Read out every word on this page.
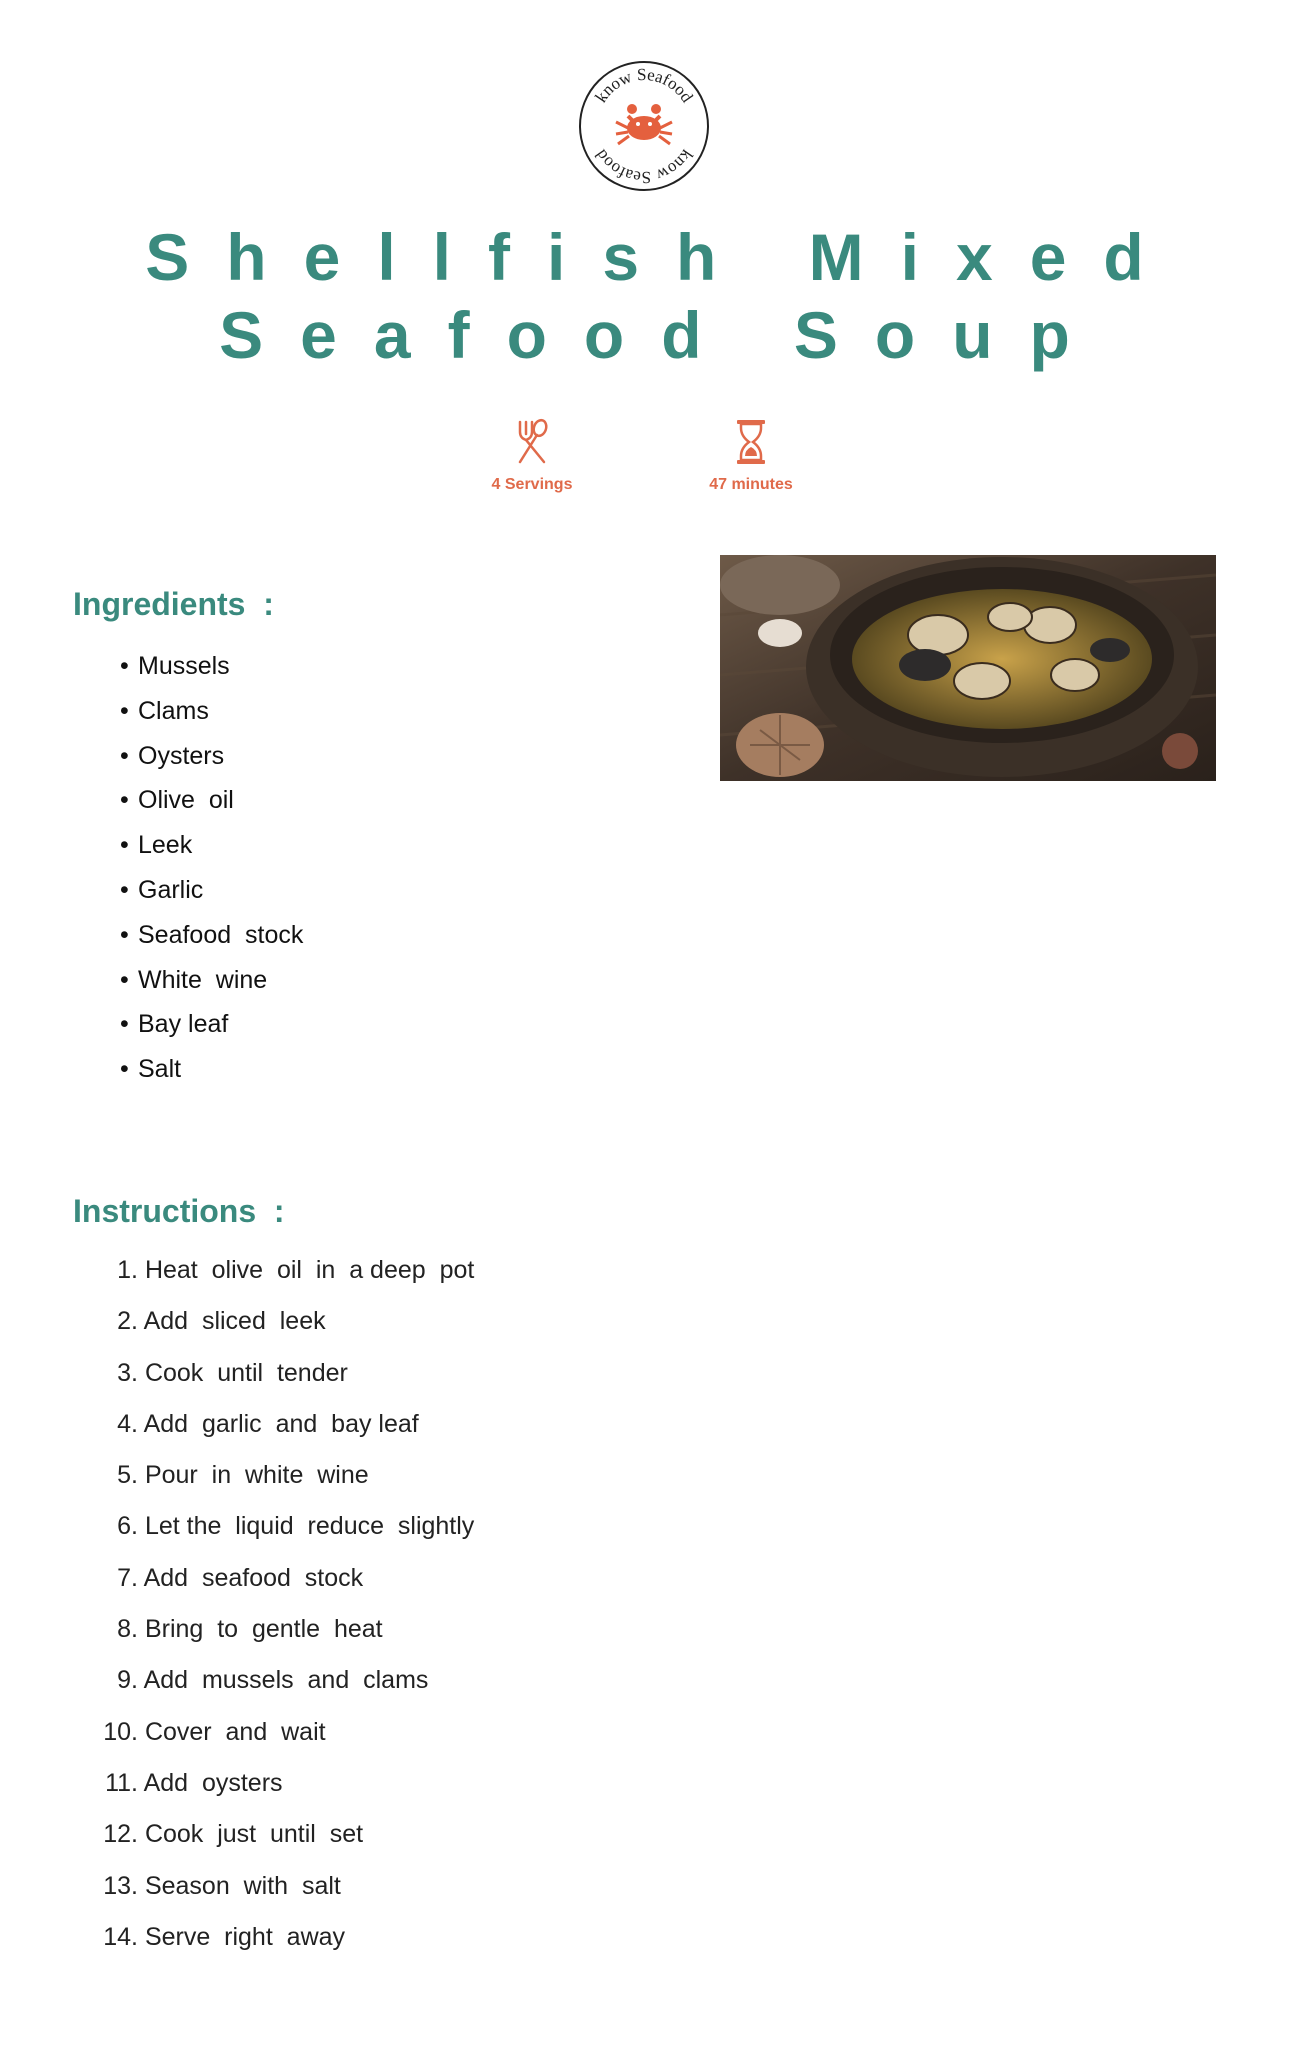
know Seafood
know Seafood
Shellfish Mixed
Seafood Soup
4 Servings	47 minutes
Ingredients  :
• Mussels
• Clams
• Oysters
• Olive  oil
• Leek
• Garlic
• Seafood  stock
• White  wine
• Bay leaf
• Salt
Instructions  :
1. Heat  olive  oil  in  a deep  pot
2. Add  sliced  leek
3. Cook  until  tender
4. Add  garlic  and  bay leaf
5. Pour  in  white  wine
6. Let the  liquid  reduce  slightly
7. Add  seafood  stock
8. Bring  to  gentle  heat
9. Add  mussels  and  clams
10. Cover  and  wait
11. Add  oysters
12. Cook  just  until  set
13. Season  with  salt
14. Serve  right  away
